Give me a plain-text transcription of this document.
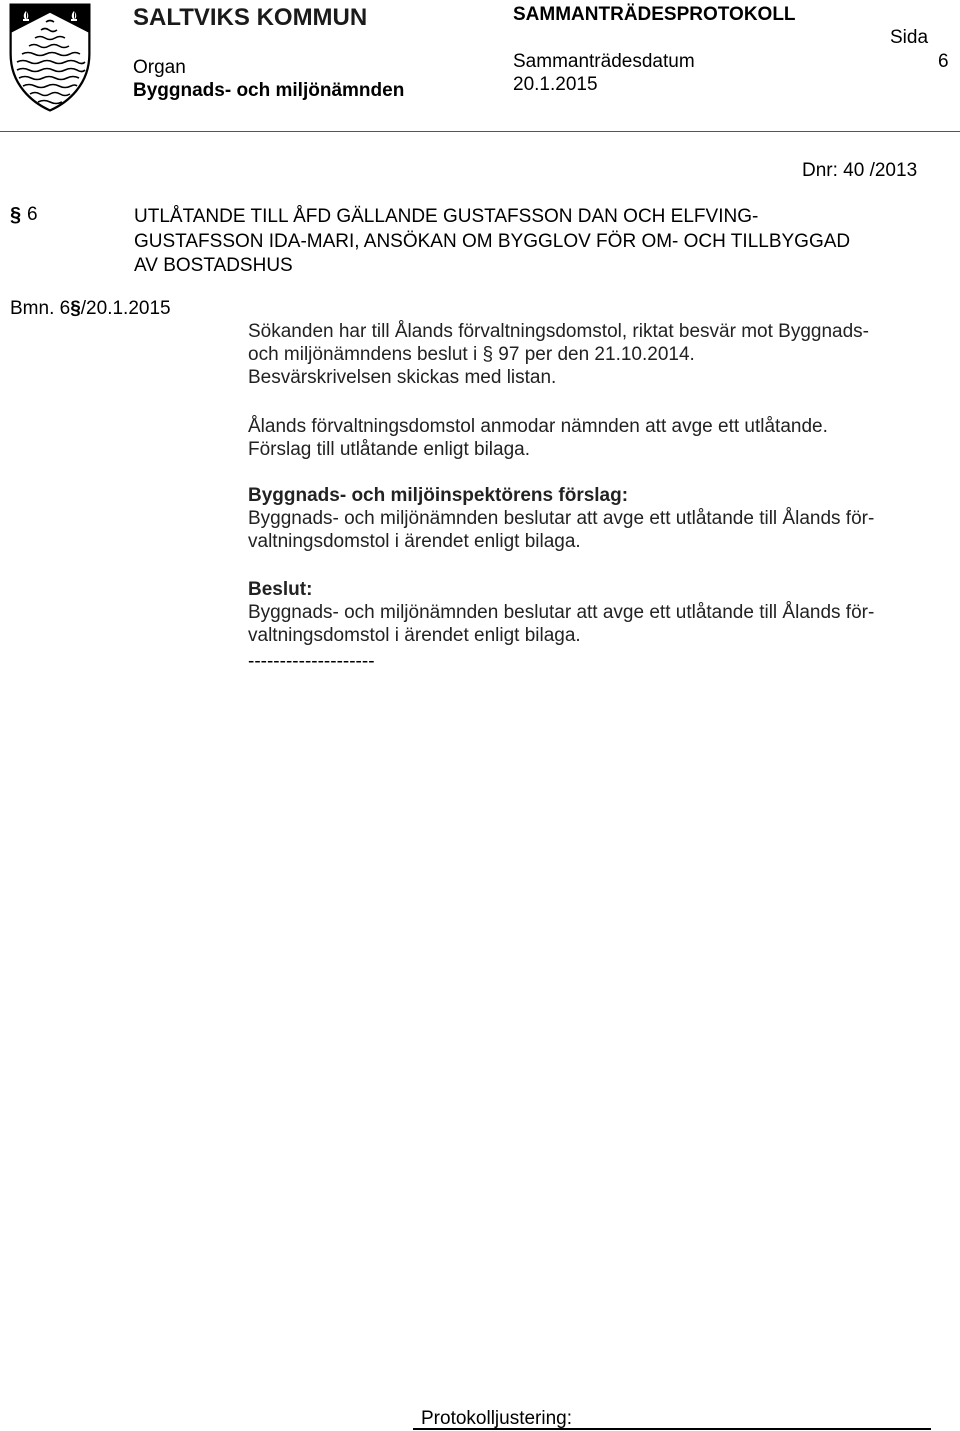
SALTVIKS KOMMUN
Organ
Byggnads- och miljönämnden
SAMMANTRÄDESPROTOKOLL
Sammanträdesdatum
20.1.2015
Sida
6
Dnr: 40 /2013
§ 6	UTLÅTANDE TILL ÅFD GÄLLANDE GUSTAFSSON DAN OCH ELFVING-
GUSTAFSSON IDA-MARI, ANSÖKAN OM BYGGLOV FÖR OM- OCH TILLBYGGAD
AV BOSTADSHUS
Bmn. 6§/20.1.2015
Sökanden har till Ålands förvaltningsdomstol, riktat besvär mot Byggnads-
och miljönämndens beslut i § 97 per den 21.10.2014.
Besvärskrivelsen skickas med listan.
Ålands förvaltningsdomstol anmodar nämnden att avge ett utlåtande.
Förslag till utlåtande enligt bilaga.
Byggnads- och miljöinspektörens förslag:
Byggnads- och miljönämnden beslutar att avge ett utlåtande till Ålands för-
valtningsdomstol i ärendet enligt bilaga.
Beslut:
Byggnads- och miljönämnden beslutar att avge ett utlåtande till Ålands för-
valtningsdomstol i ärendet enligt bilaga.
--------------------
Protokolljustering:
